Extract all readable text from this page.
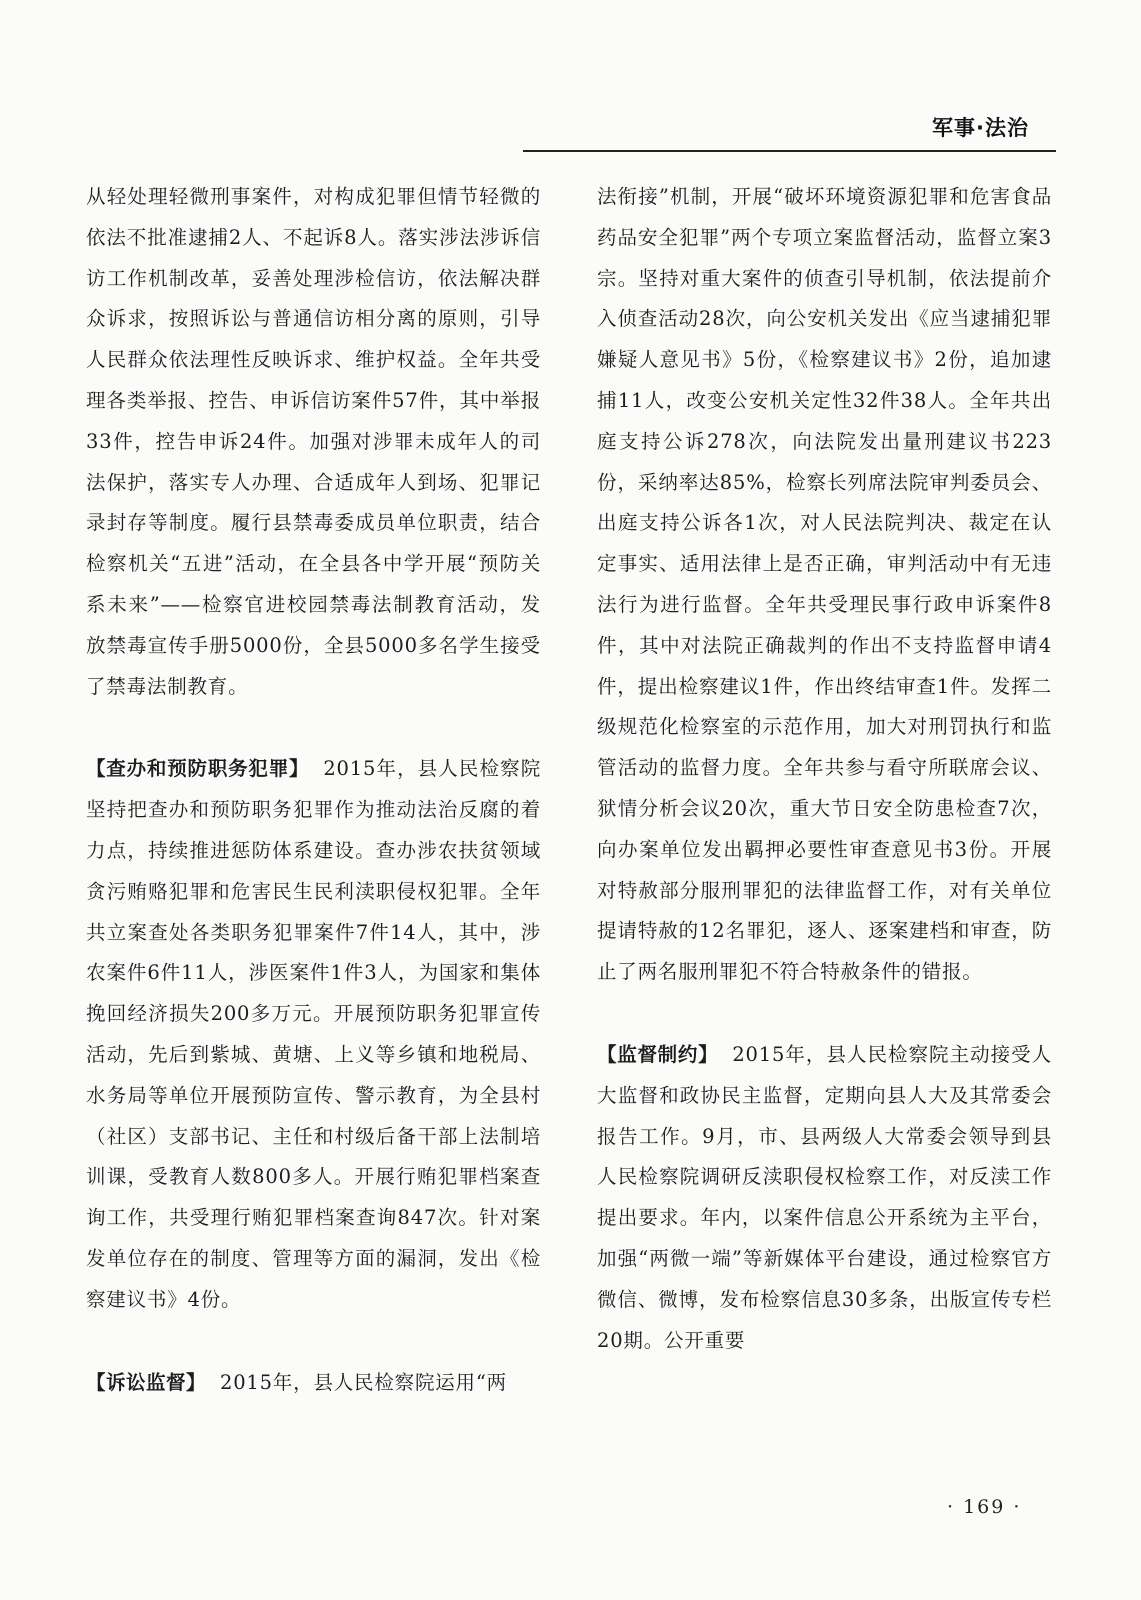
军事·法治

从轻处理轻微刑事案件，对构成犯罪但情节轻微的依法不批准逮捕2人、不起诉8人。落实涉法涉诉信访工作机制改革，妥善处理涉检信访，依法解决群众诉求，按照诉讼与普通信访相分离的原则，引导人民群众依法理性反映诉求、维护权益。全年共受理各类举报、控告、申诉信访案件57件，其中举报33件，控告申诉24件。加强对涉罪未成年人的司法保护，落实专人办理、合适成年人到场、犯罪记录封存等制度。履行县禁毒委成员单位职责，结合检察机关“五进”活动，在全县各中学开展“预防关系未来”——检察官进校园禁毒法制教育活动，发放禁毒宣传手册5000份，全县5000多名学生接受了禁毒法制教育。

【查办和预防职务犯罪】 2015年，县人民检察院坚持把查办和预防职务犯罪作为推动法治反腐的着力点，持续推进惩防体系建设。查办涉农扶贫领域贪污贿赂犯罪和危害民生民利渎职侵权犯罪。全年共立案查处各类职务犯罪案件7件14人，其中，涉农案件6件11人，涉医案件1件3人，为国家和集体挽回经济损失200多万元。开展预防职务犯罪宣传活动，先后到紫城、黄塘、上义等乡镇和地税局、水务局等单位开展预防宣传、警示教育，为全县村（社区）支部书记、主任和村级后备干部上法制培训课，受教育人数800多人。开展行贿犯罪档案查询工作，共受理行贿犯罪档案查询847次。针对案发单位存在的制度、管理等方面的漏洞，发出《检察建议书》4份。

【诉讼监督】 2015年，县人民检察院运用“两

法衔接”机制，开展“破坏环境资源犯罪和危害食品药品安全犯罪”两个专项立案监督活动，监督立案3宗。坚持对重大案件的侦查引导机制，依法提前介入侦查活动28次，向公安机关发出《应当逮捕犯罪嫌疑人意见书》5份，《检察建议书》2份，追加逮捕11人，改变公安机关定性32件38人。全年共出庭支持公诉278次，向法院发出量刑建议书223份，采纳率达85%，检察长列席法院审判委员会、出庭支持公诉各1次，对人民法院判决、裁定在认定事实、适用法律上是否正确，审判活动中有无违法行为进行监督。全年共受理民事行政申诉案件8件，其中对法院正确裁判的作出不支持监督申请4件，提出检察建议1件，作出终结审查1件。发挥二级规范化检察室的示范作用，加大对刑罚执行和监管活动的监督力度。全年共参与看守所联席会议、狱情分析会议20次，重大节日安全防患检查7次，向办案单位发出羁押必要性审查意见书3份。开展对特赦部分服刑罪犯的法律监督工作，对有关单位提请特赦的12名罪犯，逐人、逐案建档和审查，防止了两名服刑罪犯不符合特赦条件的错报。

【监督制约】 2015年，县人民检察院主动接受人大监督和政协民主监督，定期向县人大及其常委会报告工作。9月，市、县两级人大常委会领导到县人民检察院调研反渎职侵权检察工作，对反渎工作提出要求。年内，以案件信息公开系统为主平台，加强“两微一端”等新媒体平台建设，通过检察官方微信、微博，发布检察信息30多条，出版宣传专栏20期。公开重要

· 169 ·
